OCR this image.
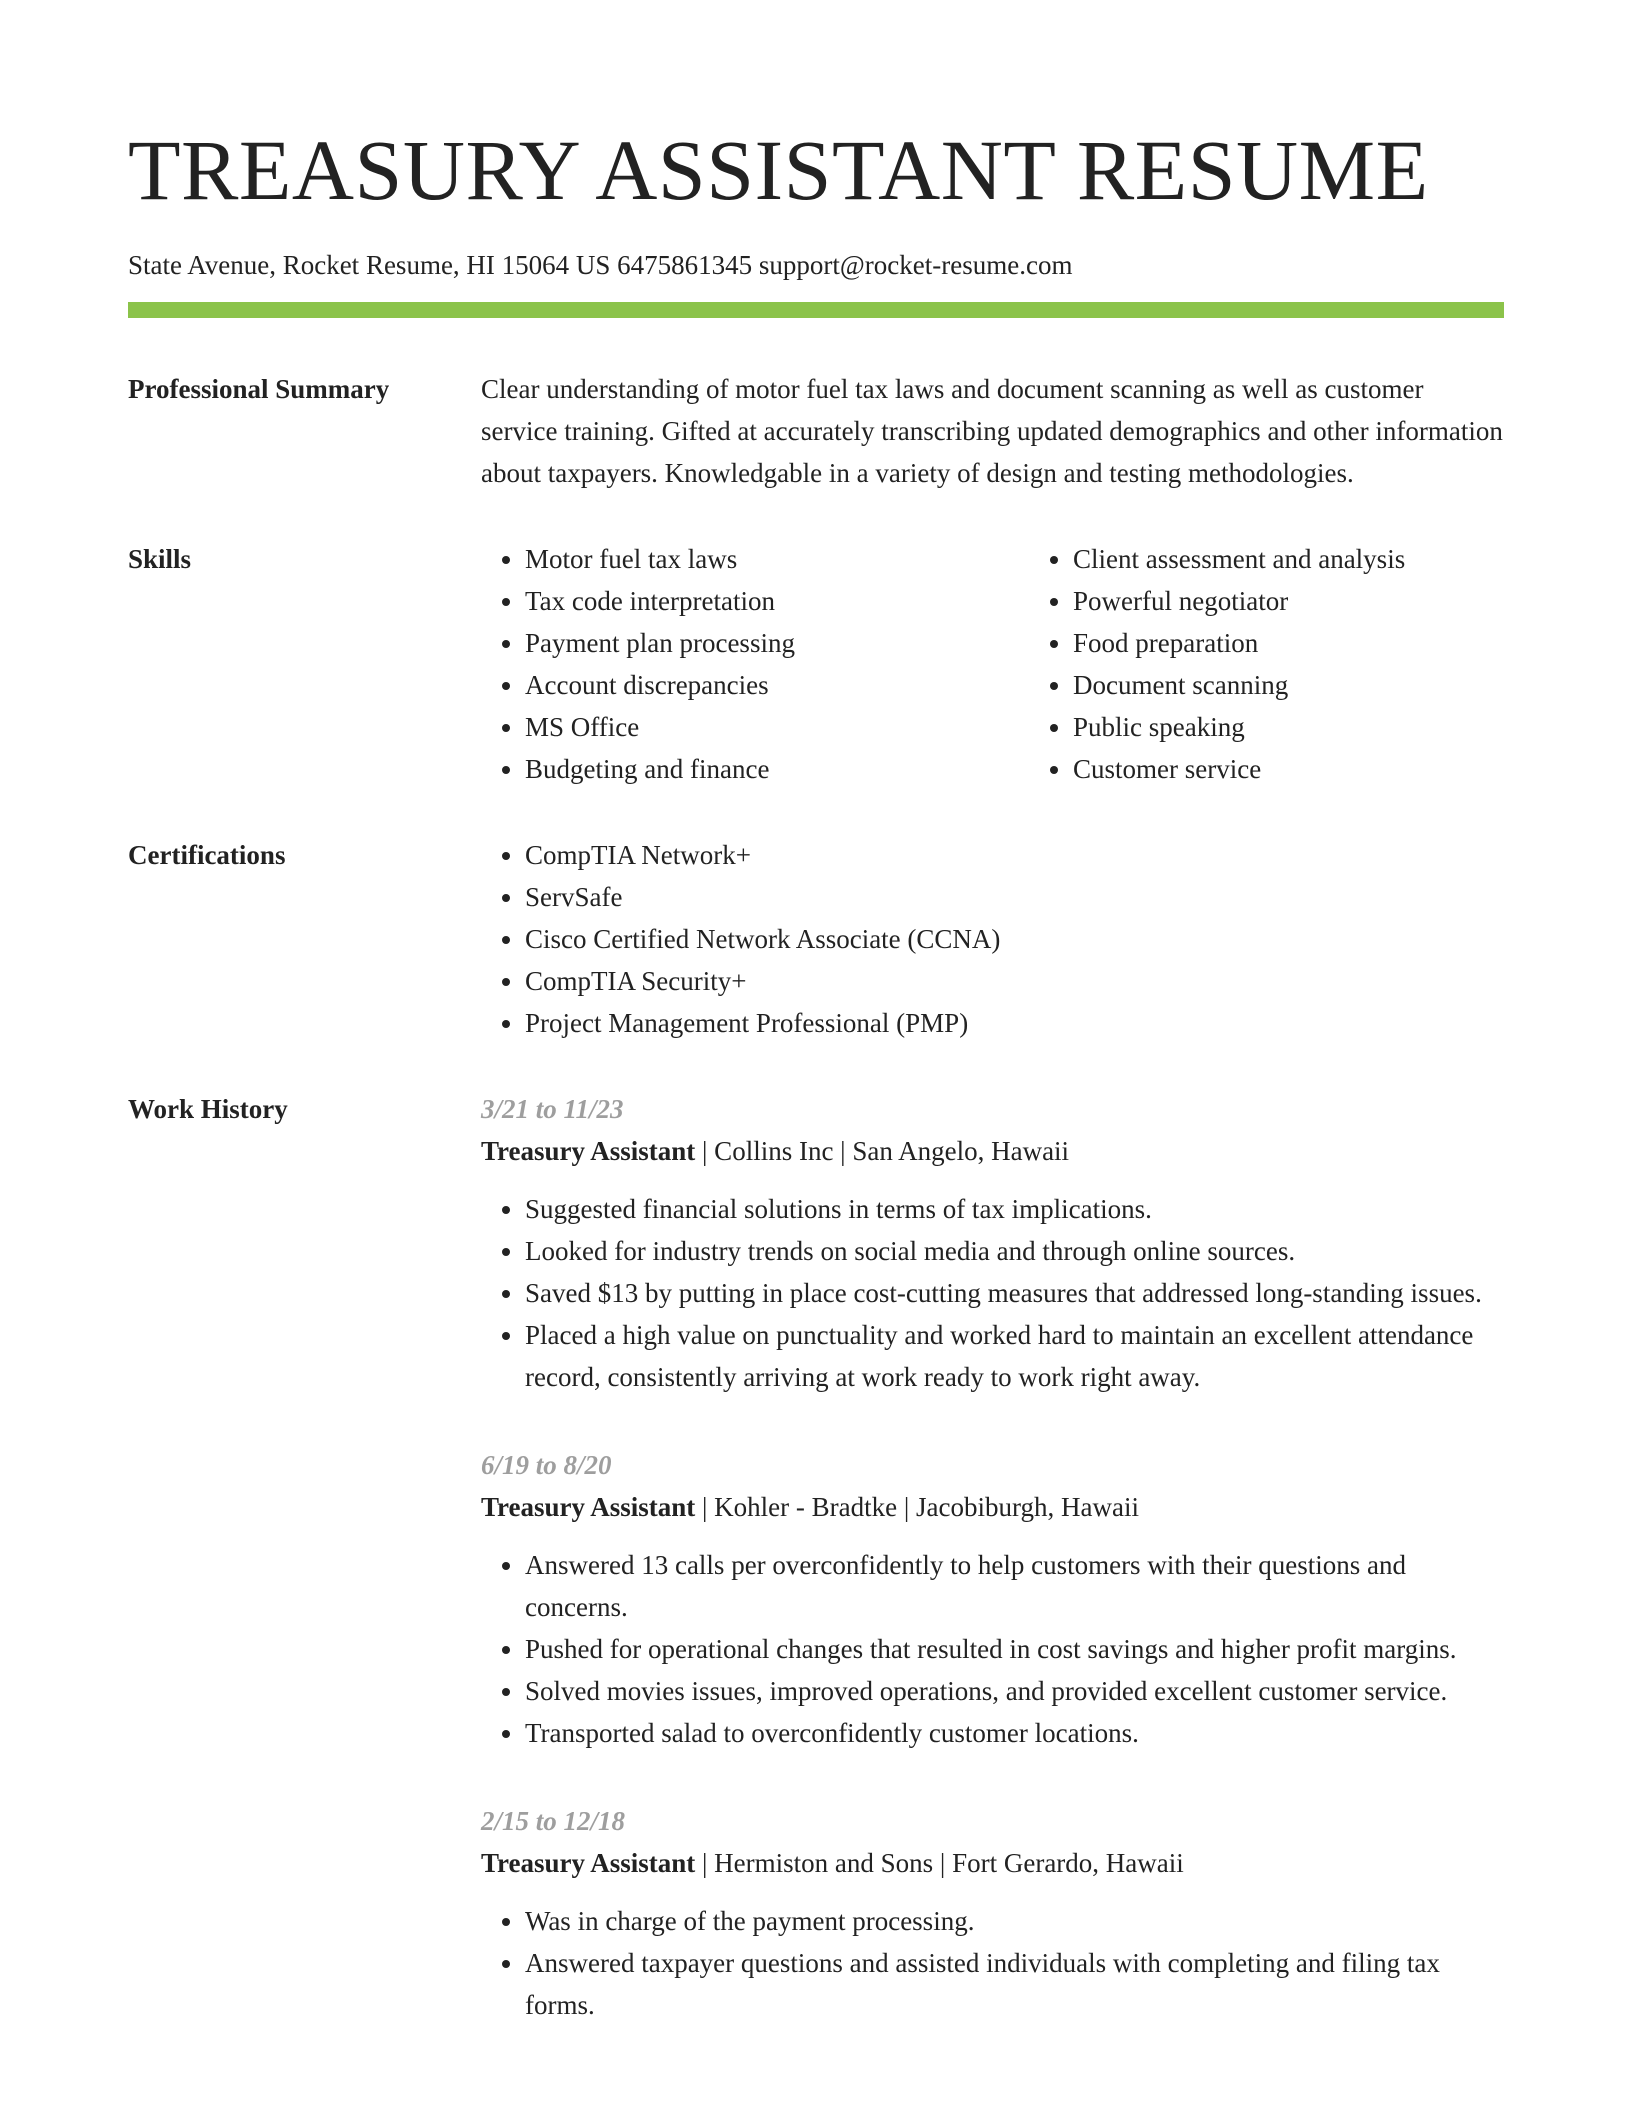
TREASURY ASSISTANT RESUME
State Avenue, Rocket Resume, HI 15064 US 6475861345 support@rocket-resume.com
Professional Summary	Clear understanding of motor fuel tax laws and document scanning as well as customer service training. Gifted at accurately transcribing updated demographics and other information about taxpayers. Knowledgable in a variety of design and testing methodologies.

Skills	• Motor fuel tax laws
• Tax code interpretation
• Payment plan processing
• Account discrepancies
• MS Office
• Budgeting and finance
• Client assessment and analysis
• Powerful negotiator
• Food preparation
• Document scanning
• Public speaking
• Customer service
Certifications	• CompTIA Network+
• ServSafe
• Cisco Certified Network Associate (CCNA)
• CompTIA Security+
• Project Management Professional (PMP)
Work History	3/21 to 11/23
Treasury Assistant | Collins Inc | San Angelo, Hawaii
• Suggested financial solutions in terms of tax implications.
• Looked for industry trends on social media and through online sources.
• Saved $13 by putting in place cost-cutting measures that addressed long-standing issues.
• Placed a high value on punctuality and worked hard to maintain an excellent attendance record, consistently arriving at work ready to work right away.
6/19 to 8/20
Treasury Assistant | Kohler - Bradtke | Jacobiburgh, Hawaii
• Answered 13 calls per overconfidently to help customers with their questions and concerns.
• Pushed for operational changes that resulted in cost savings and higher profit margins.
• Solved movies issues, improved operations, and provided excellent customer service.
• Transported salad to overconfidently customer locations.
2/15 to 12/18
Treasury Assistant | Hermiston and Sons | Fort Gerardo, Hawaii
• Was in charge of the payment processing.
• Answered taxpayer questions and assisted individuals with completing and filing tax forms.
